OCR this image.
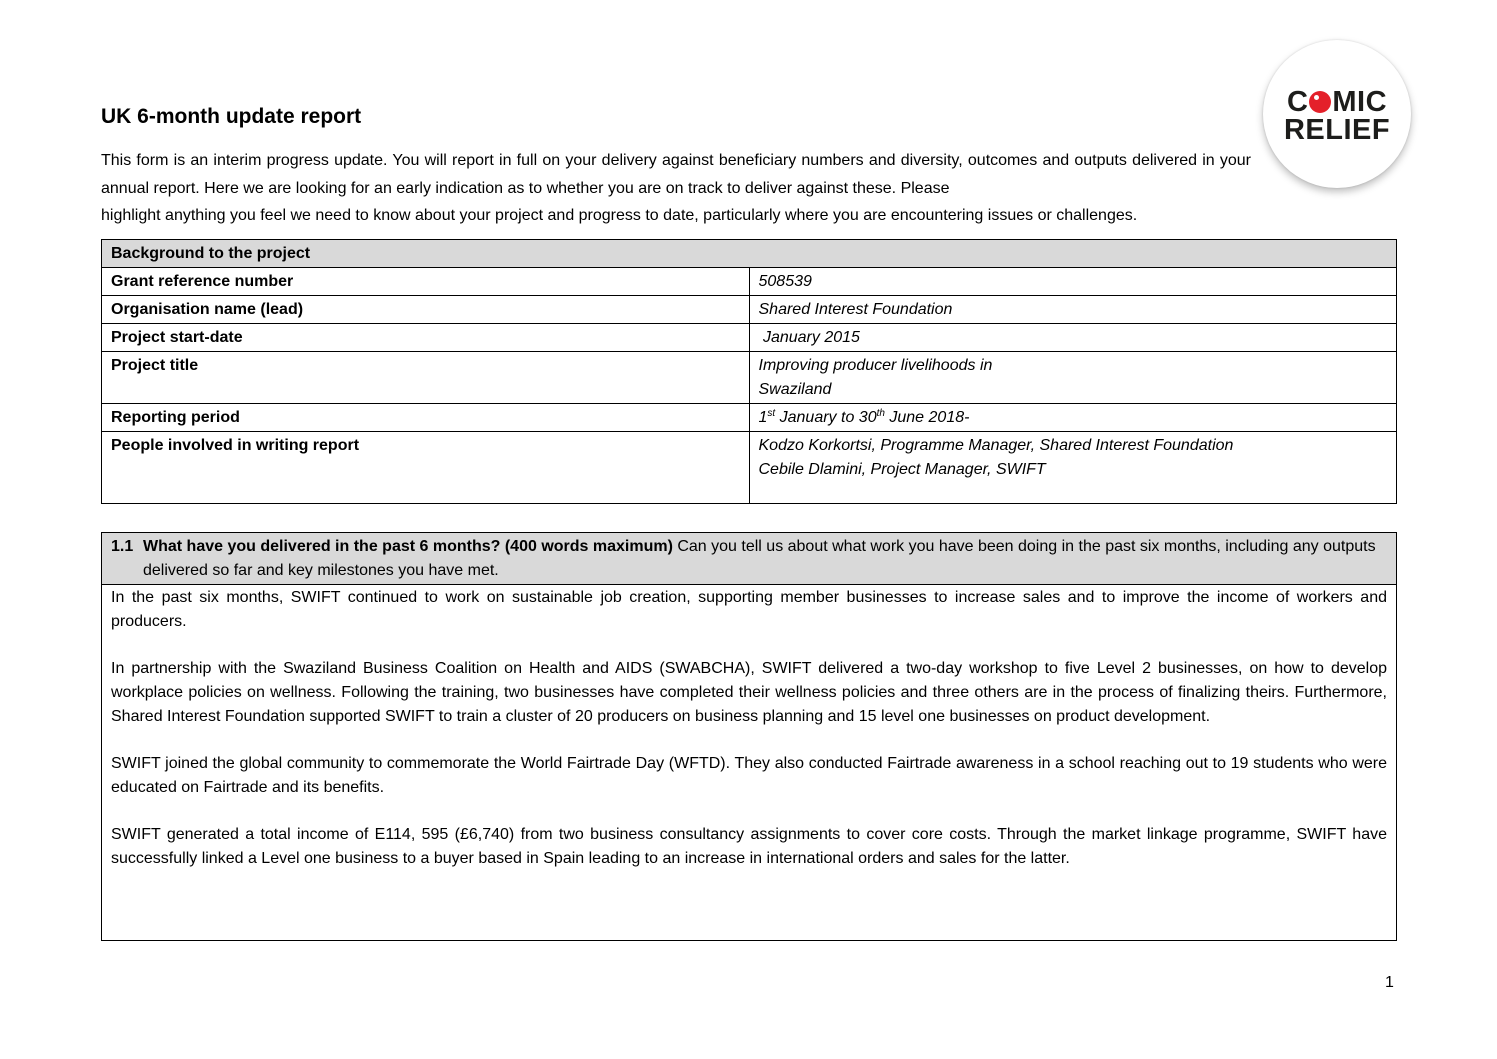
C MIC
RELIEF
UK 6-month update report

This form is an interim progress update. You will report in full on your delivery against beneficiary numbers and diversity, outcomes and outputs delivered in your annual report. Here we are looking for an early indication as to whether you are on track to deliver against these. Please
highlight anything you feel we need to know about your project and progress to date, particularly where you are encountering issues or challenges.

Background to the project	
Grant reference number	508539
Organisation name (lead)	Shared Interest Foundation
Project start-date	January 2015
Project title	Improving producer livelihoods in
Swaziland

Reporting period	1st January to 30th June 2018-
People involved in writing report	Kodzo Korkortsi, Programme Manager, Shared Interest Foundation
Cebile Dlamini, Project Manager, SWIFT
1.1 What have you delivered in the past 6 months? (400 words maximum) Can you tell us about what work you have been doing in the past six months, including any outputs delivered so far and key milestones you have met.

In the past six months, SWIFT continued to work on sustainable job creation, supporting member businesses to increase sales and to improve the income of workers and producers.

In partnership with the Swaziland Business Coalition on Health and AIDS (SWABCHA), SWIFT delivered a two-day workshop to five Level 2 businesses, on how to develop workplace policies on wellness. Following the training, two businesses have completed their wellness policies and three others are in the process of finalizing theirs. Furthermore, Shared Interest Foundation supported SWIFT to train a cluster of 20 producers on business planning and 15 level one businesses on product development.

SWIFT joined the global community to commemorate the World Fairtrade Day (WFTD). They also conducted Fairtrade awareness in a school reaching out to 19 students who were educated on Fairtrade and its benefits.

SWIFT generated a total income of E114, 595 (£6,740) from two business consultancy assignments to cover core costs. Through the market linkage programme, SWIFT have successfully linked a Level one business to a buyer based in Spain leading to an increase in international orders and sales for the latter.

1
